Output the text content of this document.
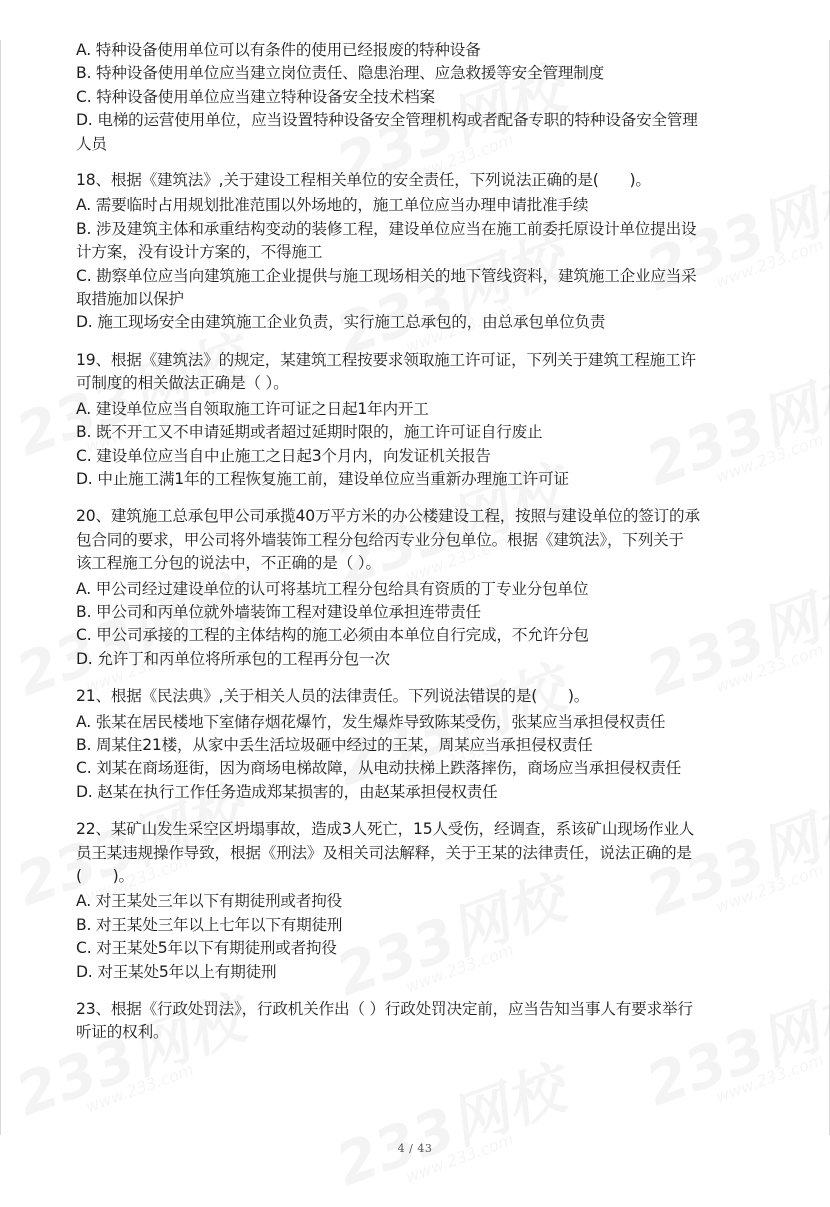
A. 特种设备使用单位可以有条件的使用已经报废的特种设备
B. 特种设备使用单位应当建立岗位责任、隐患治理、应急救援等安全管理制度
C. 特种设备使用单位应当建立特种设备安全技术档案
D. 电梯的运营使用单位，应当设置特种设备安全管理机构或者配备专职的特种设备安全管理
人员
18、根据《建筑法》,关于建设工程相关单位的安全责任，下列说法正确的是(　　)。
A. 需要临时占用规划批准范围以外场地的，施工单位应当办理申请批准手续
B. 涉及建筑主体和承重结构变动的装修工程，建设单位应当在施工前委托原设计单位提出设
计方案，没有设计方案的，不得施工
C. 勘察单位应当向建筑施工企业提供与施工现场相关的地下管线资料，建筑施工企业应当采
取措施加以保护
D. 施工现场安全由建筑施工企业负责，实行施工总承包的，由总承包单位负责
19、根据《建筑法》的规定，某建筑工程按要求领取施工许可证，下列关于建筑工程施工许
可制度的相关做法正确是（ ）。
A. 建设单位应当自领取施工许可证之日起1年内开工
B. 既不开工又不申请延期或者超过延期时限的，施工许可证自行废止
C. 建设单位应当自中止施工之日起3个月内，向发证机关报告
D. 中止施工满1年的工程恢复施工前，建设单位应当重新办理施工许可证
20、建筑施工总承包甲公司承揽40万平方米的办公楼建设工程，按照与建设单位的签订的承
包合同的要求，甲公司将外墙装饰工程分包给丙专业分包单位。根据《建筑法》，下列关于
该工程施工分包的说法中，不正确的是（ ）。
A. 甲公司经过建设单位的认可将基坑工程分包给具有资质的丁专业分包单位
B. 甲公司和丙单位就外墙装饰工程对建设单位承担连带责任
C. 甲公司承接的工程的主体结构的施工必须由本单位自行完成，不允许分包
D. 允许丁和丙单位将所承包的工程再分包一次
21、根据《民法典》,关于相关人员的法律责任。下列说法错误的是(　　)。
A. 张某在居民楼地下室储存烟花爆竹，发生爆炸导致陈某受伤，张某应当承担侵权责任
B. 周某住21楼，从家中丢生活垃圾砸中经过的王某，周某应当承担侵权责任
C. 刘某在商场逛街，因为商场电梯故障，从电动扶梯上跌落摔伤，商场应当承担侵权责任
D. 赵某在执行工作任务造成郑某损害的，由赵某承担侵权责任
22、某矿山发生采空区坍塌事故，造成3人死亡，15人受伤，经调查，系该矿山现场作业人
员王某违规操作导致，根据《刑法》及相关司法解释，关于王某的法律责任，说法正确的是
(　　)。
A. 对王某处三年以下有期徒刑或者拘役
B. 对王某处三年以上七年以下有期徒刑
C. 对王某处5年以下有期徒刑或者拘役
D. 对王某处5年以上有期徒刑
23、根据《行政处罚法》，行政机关作出（ ）行政处罚决定前，应当告知当事人有要求举行
听证的权利。
4 / 43
